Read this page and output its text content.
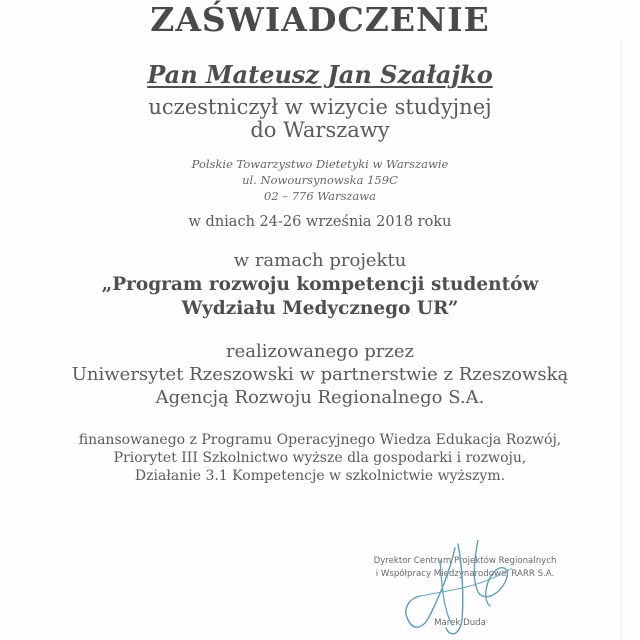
ZAŚWIADCZENIE
Pan Mateusz Jan Szałajko
uczestniczył w wizycie studyjnej
do Warszawy
Polskie Towarzystwo Dietetyki w Warszawie
ul. Nowoursynowska 159C
02 – 776 Warszawa
w dniach 24-26 września 2018 roku
w ramach projektu
„Program rozwoju kompetencji studentów
Wydziału Medycznego UR”
realizowanego przez
Uniwersytet Rzeszowski w partnerstwie z Rzeszowską
Agencją Rozwoju Regionalnego S.A.
finansowanego z Programu Operacyjnego Wiedza Edukacja Rozwój,
Priorytet III Szkolnictwo wyższe dla gospodarki i rozwoju,
Działanie 3.1 Kompetencje w szkolnictwie wyższym.
Dyrektor Centrum Projektów Regionalnych
i Współpracy Międzynarodowej RARR S.A.
Marek Duda
